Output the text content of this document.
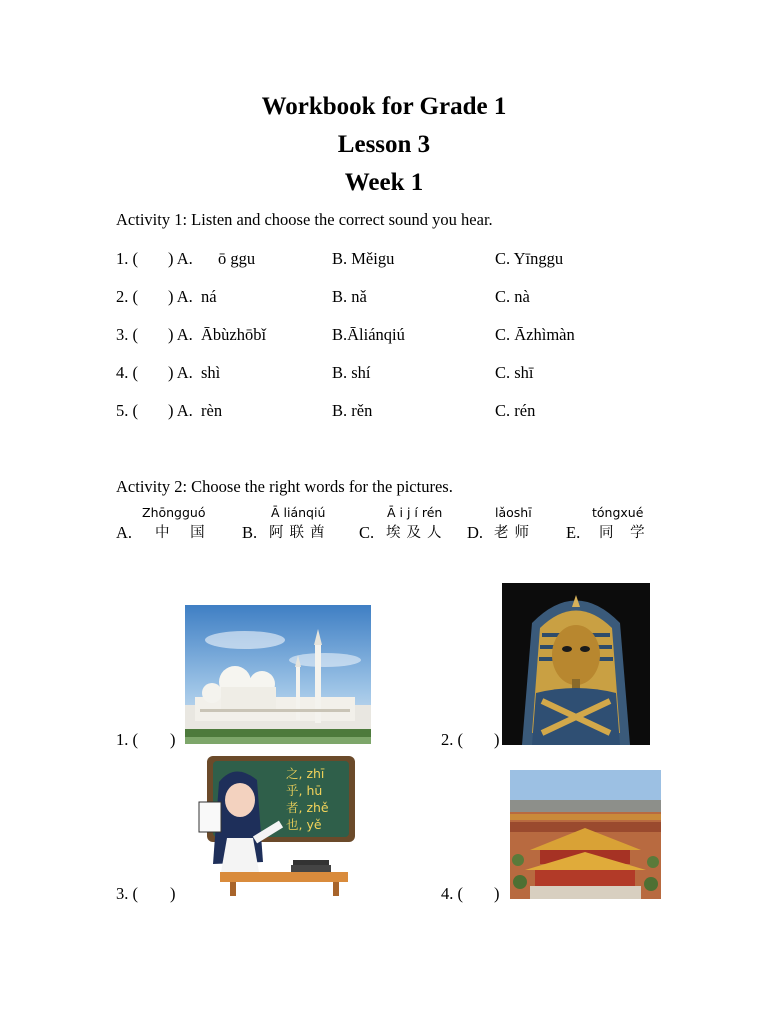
Workbook for Grade 1
Lesson 3
Week 1
Activity 1: Listen and choose the correct sound you hear.
1. ( ) A. ō ggu	B. Měigu	C. Yīnggu
2. ( ) A. ná	B. nǎ	C. nà
3. ( ) A. Ābùzhōbǐ	B.Āliánqiú	C. Āzhìmàn
4. ( ) A. shì	B. shí	C. shī
5. ( ) A. rèn	B. rěn	C. rén
Activity 2: Choose the right words for the pictures.
Zhōngguó	Ā liánqiú	Ā i j í rén	lǎoshī	tóngxué
A. 中 国 B. 阿联酋 C. 埃及人 D. 老师 E. 同 学
1. ( )	2. ( )
之, zhī
乎, hū
者, zhě
也, yě
3. ( )	4. ( )
